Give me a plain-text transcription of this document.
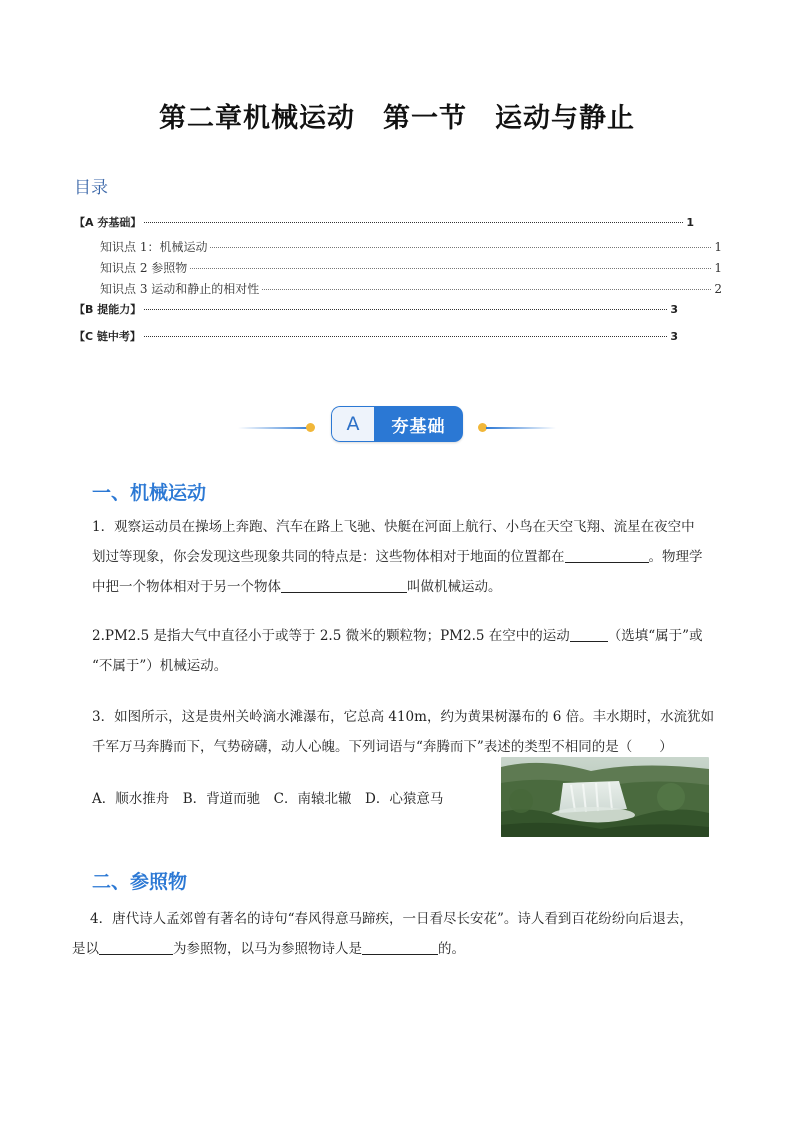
第二章机械运动　第一节　运动与静止
目录
【A 夯基础】	1
知识点 1：机械运动	1
知识点 2 参照物	1
知识点 3 运动和静止的相对性	2
【B 提能力】	3
【C 链中考】	3
A	夯基础
一、机械运动
1．观察运动员在操场上奔跑、汽车在路上飞驰、快艇在河面上航行、小鸟在天空飞翔、流星在夜空中
划过等现象，你会发现这些现象共同的特点是：这些物体相对于地面的位置都在	。物理学
中把一个物体相对于另一个物体	叫做机械运动。
2.PM2.5 是指大气中直径小于或等于 2.5 微米的颗粒物；PM2.5 在空中的运动	（选填“属于”或
“不属于”）机械运动。
3．如图所示，这是贵州关岭滴水滩瀑布，它总高 410m，约为黄果树瀑布的 6 倍。丰水期时，水流犹如
千军万马奔腾而下，气势磅礴，动人心魄。下列词语与“奔腾而下”表述的类型不相同的是（　　）
A．顺水推舟　B．背道而驰　C．南辕北辙　D．心猿意马
二、参照物
4．唐代诗人孟郊曾有著名的诗句“春风得意马蹄疾，一日看尽长安花”。诗人看到百花纷纷向后退去，
是以	为参照物，以马为参照物诗人是	的。
